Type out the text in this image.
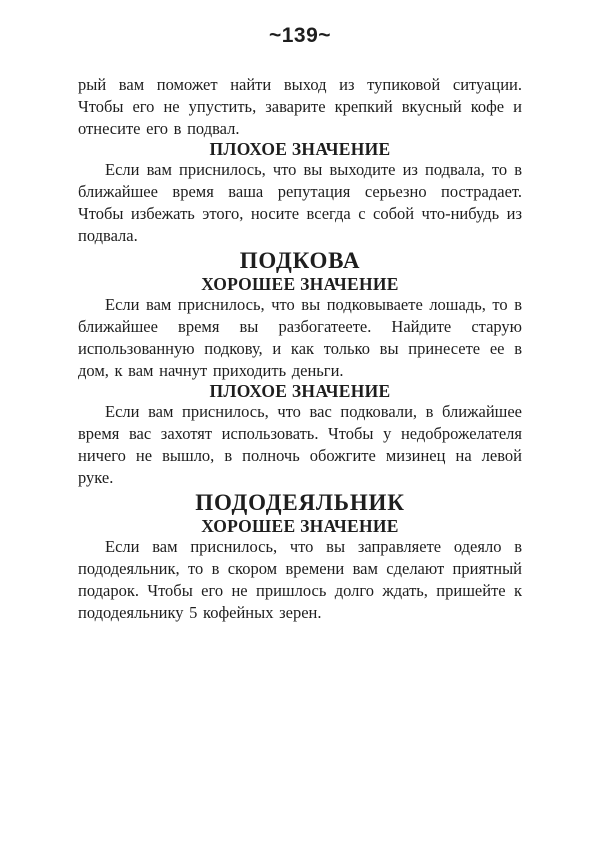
~139~

рый вам поможет найти выход из тупиковой ситуации. Чтобы его не упустить, заварите крепкий вкусный кофе и отнесите его в подвал.

ПЛОХОЕ ЗНАЧЕНИЕ

Если вам приснилось, что вы выходите из подвала, то в ближайшее время ваша репутация серьезно пострадает. Чтобы избежать этого, носите всегда с собой что-нибудь из подвала.

ПОДКОВА
ХОРОШЕЕ ЗНАЧЕНИЕ

Если вам приснилось, что вы подковываете лошадь, то в ближайшее время вы разбогатеете. Найдите старую использованную подкову, и как только вы принесете ее в дом, к вам начнут приходить деньги.

ПЛОХОЕ ЗНАЧЕНИЕ

Если вам приснилось, что вас подковали, в ближайшее время вас захотят использовать. Чтобы у недоброжелателя ничего не вышло, в полночь обожгите мизинец на левой руке.

ПОДОДЕЯЛЬНИК
ХОРОШЕЕ ЗНАЧЕНИЕ

Если вам приснилось, что вы заправляете одеяло в пододеяльник, то в скором времени вам сделают приятный подарок. Чтобы его не пришлось долго ждать, пришейте к пододеяльнику 5 кофейных зерен.
